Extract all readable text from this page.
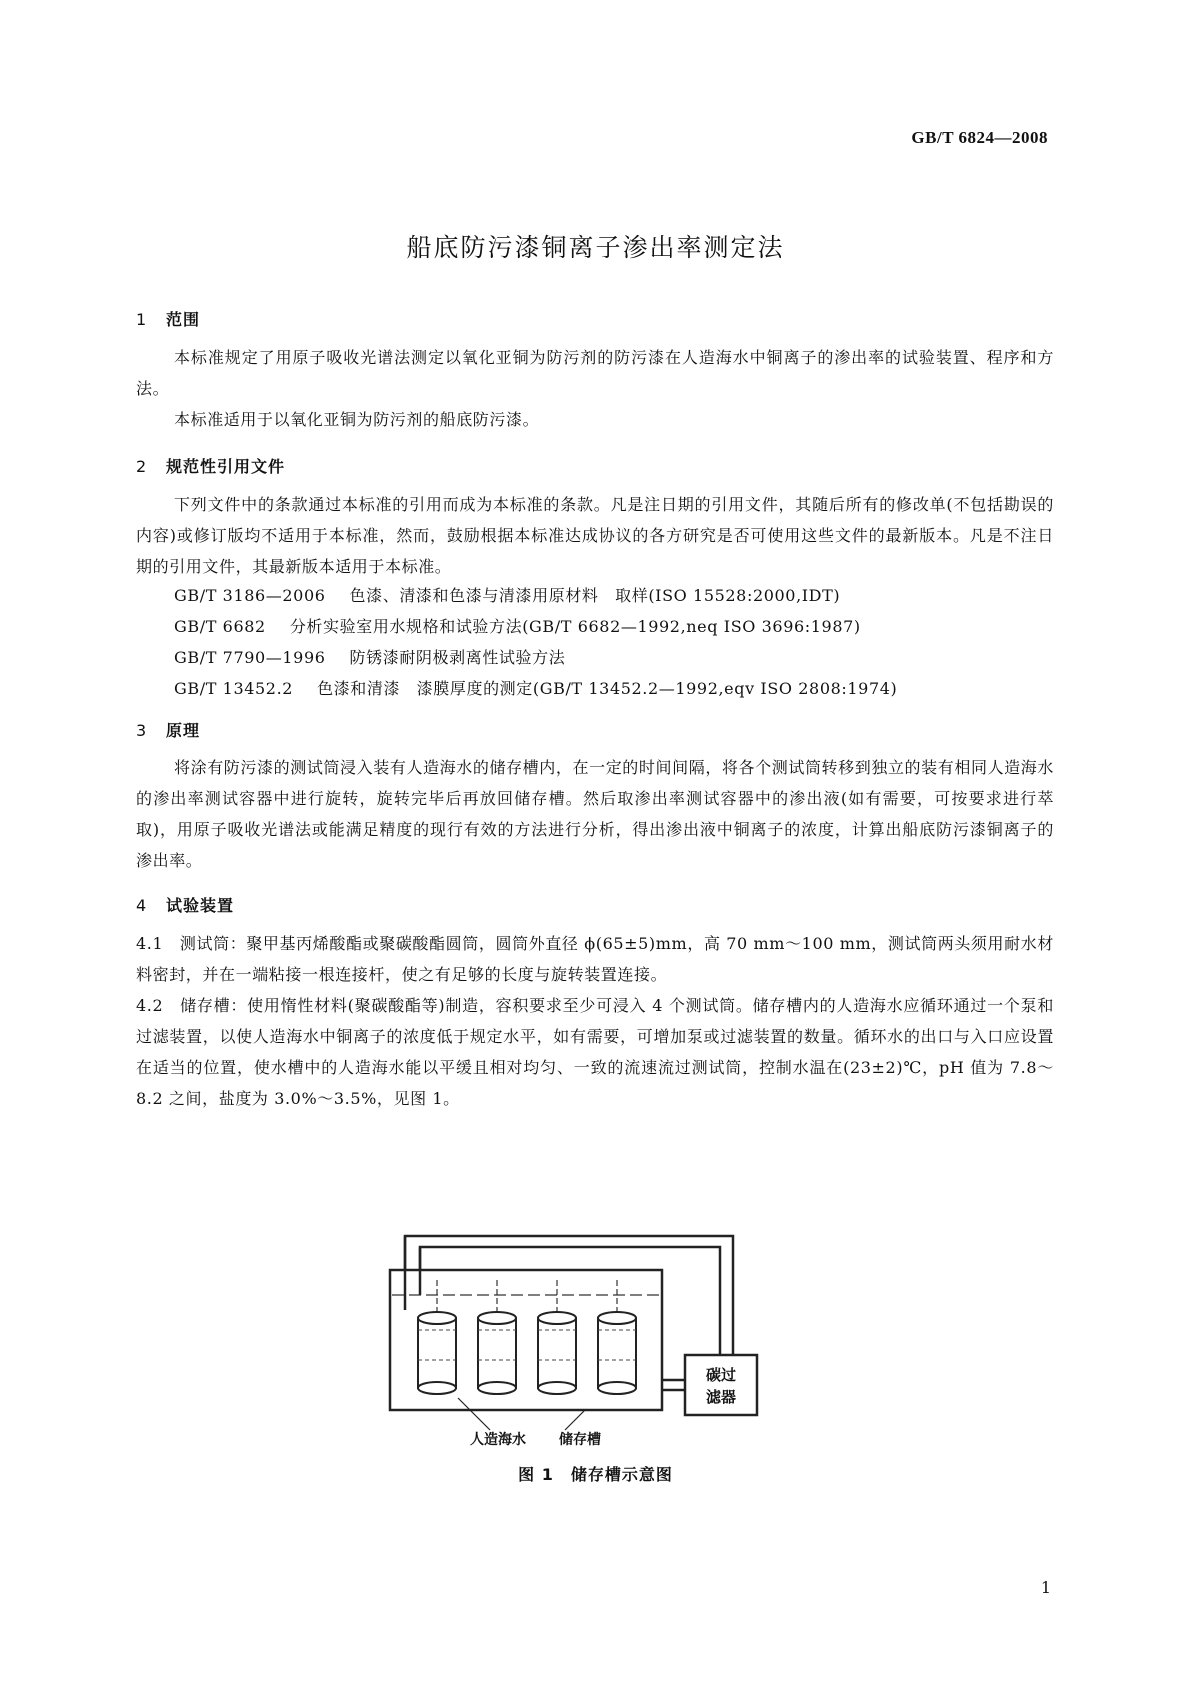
GB/T 6824—2008
船底防污漆铜离子渗出率测定法
1 范围
本标准规定了用原子吸收光谱法测定以氧化亚铜为防污剂的防污漆在人造海水中铜离子的渗出率的试验装置、程序和方法。
本标准适用于以氧化亚铜为防污剂的船底防污漆。
2 规范性引用文件
下列文件中的条款通过本标准的引用而成为本标准的条款。凡是注日期的引用文件，其随后所有的修改单(不包括勘误的内容)或修订版均不适用于本标准，然而，鼓励根据本标准达成协议的各方研究是否可使用这些文件的最新版本。凡是不注日期的引用文件，其最新版本适用于本标准。
GB/T 3186—2006 色漆、清漆和色漆与清漆用原材料　取样(ISO 15528:2000,IDT)
GB/T 6682 分析实验室用水规格和试验方法(GB/T 6682—1992,neq ISO 3696:1987)
GB/T 7790—1996 防锈漆耐阴极剥离性试验方法
GB/T 13452.2 色漆和清漆　漆膜厚度的测定(GB/T 13452.2—1992,eqv ISO 2808:1974)
3 原理
将涂有防污漆的测试筒浸入装有人造海水的储存槽内，在一定的时间间隔，将各个测试筒转移到独立的装有相同人造海水的渗出率测试容器中进行旋转，旋转完毕后再放回储存槽。然后取渗出率测试容器中的渗出液(如有需要，可按要求进行萃取)，用原子吸收光谱法或能满足精度的现行有效的方法进行分析，得出渗出液中铜离子的浓度，计算出船底防污漆铜离子的渗出率。
4 试验装置
4.1　 测试筒：聚甲基丙烯酸酯或聚碳酸酯圆筒，圆筒外直径 ϕ(65±5)mm，高 70 mm～100 mm，测试筒两头须用耐水材料密封，并在一端粘接一根连接杆，使之有足够的长度与旋转装置连接。
4.2　 储存槽：使用惰性材料(聚碳酸酯等)制造，容积要求至少可浸入 4 个测试筒。储存槽内的人造海水应循环通过一个泵和过滤装置，以使人造海水中铜离子的浓度低于规定水平，如有需要，可增加泵或过滤装置的数量。循环水的出口与入口应设置在适当的位置，使水槽中的人造海水能以平缓且相对均匀、一致的流速流过测试筒，控制水温在(23±2)℃，pH 值为 7.8～8.2 之间，盐度为 3.0%～3.5%，见图 1。
碳过
滤器
人造海水 储存槽
图 1　储存槽示意图
1
